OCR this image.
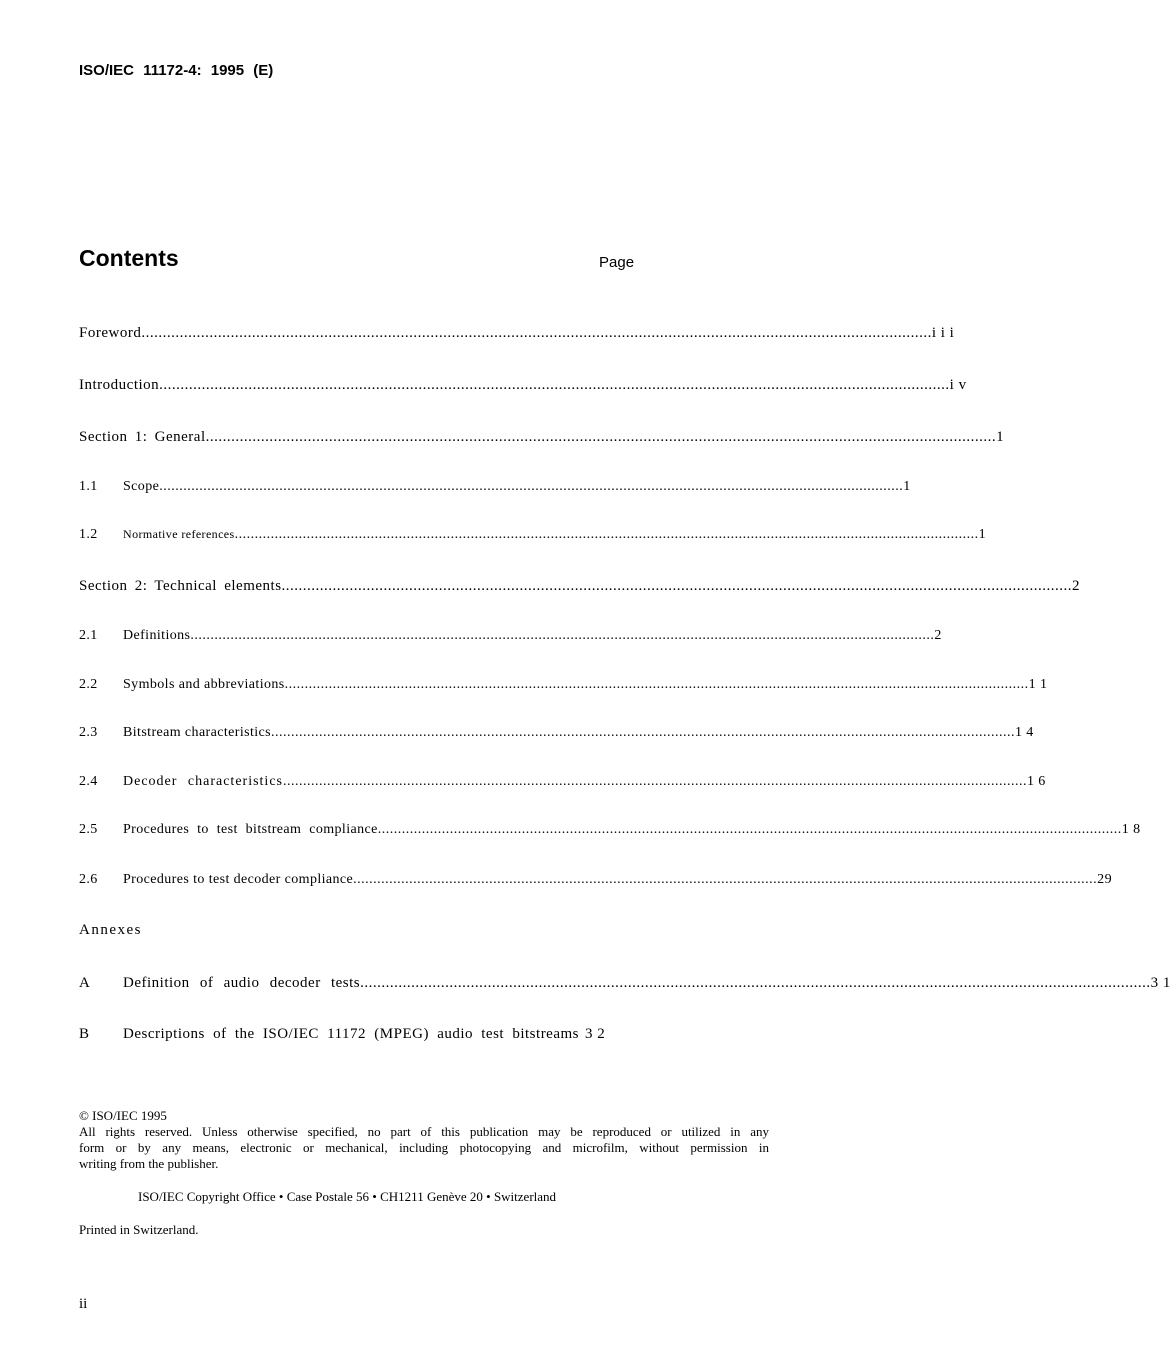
ISO/IEC 11172-4: 1995 (E)
Contents	Page
Foreword .......................................................................................................................................................................................... i i i
Introduction .......................................................................................................................................................................................... i v
Section 1: General .......................................................................................................................................................................................... 1
1.1	Scope .......................................................................................................................................................................................... 1
1.2	Normative references .......................................................................................................................................................................................... 1
Section 2: Technical elements .......................................................................................................................................................................................... 2
2.1	Definitions .......................................................................................................................................................................................... 2
2.2	Symbols and abbreviations .......................................................................................................................................................................................... 1 1
2.3	Bitstream characteristics .......................................................................................................................................................................................... 1 4
2.4	Decoder characteristics .......................................................................................................................................................................................... 1 6
2.5	Procedures to test bitstream compliance .......................................................................................................................................................................................... 1 8
2.6	Procedures to test decoder compliance .......................................................................................................................................................................................... 29
Annexes
A	Definition of audio decoder tests .......................................................................................................................................................................................... 3 1
B	Descriptions of the ISO/IEC 11172 (MPEG) audio test bitstreams 3 2
© ISO/IEC 1995
All rights reserved. Unless otherwise specified, no part of this publication may be reproduced or utilized in any
form or by any means, electronic or mechanical, including photocopying and microfilm, without permission in
writing from the publisher.
ISO/IEC Copyright Office • Case Postale 56 • CH1211 Genève 20 • Switzerland
Printed in Switzerland.
ii
